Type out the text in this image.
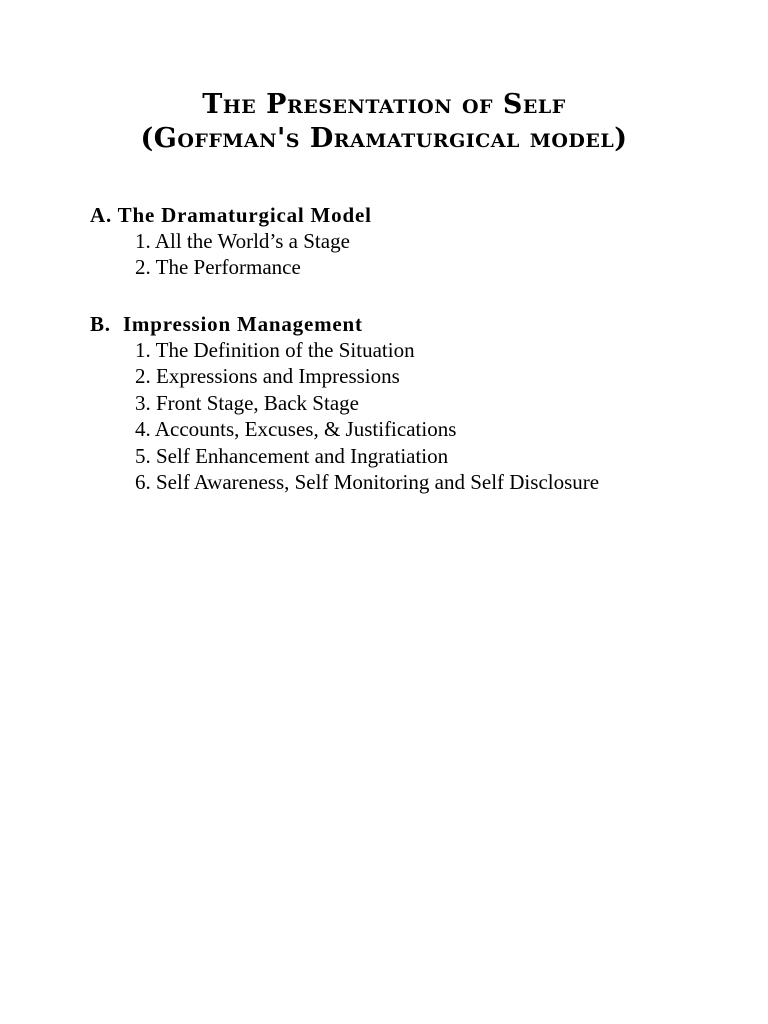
The Presentation of Self
(Goffman's Dramaturgical model)

A. The Dramaturgical Model

1. All the World’s a Stage
2. The Performance

B.  Impression Management

1. The Definition of the Situation
2. Expressions and Impressions
3. Front Stage, Back Stage
4. Accounts, Excuses, & Justifications
5. Self Enhancement and Ingratiation
6. Self Awareness, Self Monitoring and Self Disclosure
